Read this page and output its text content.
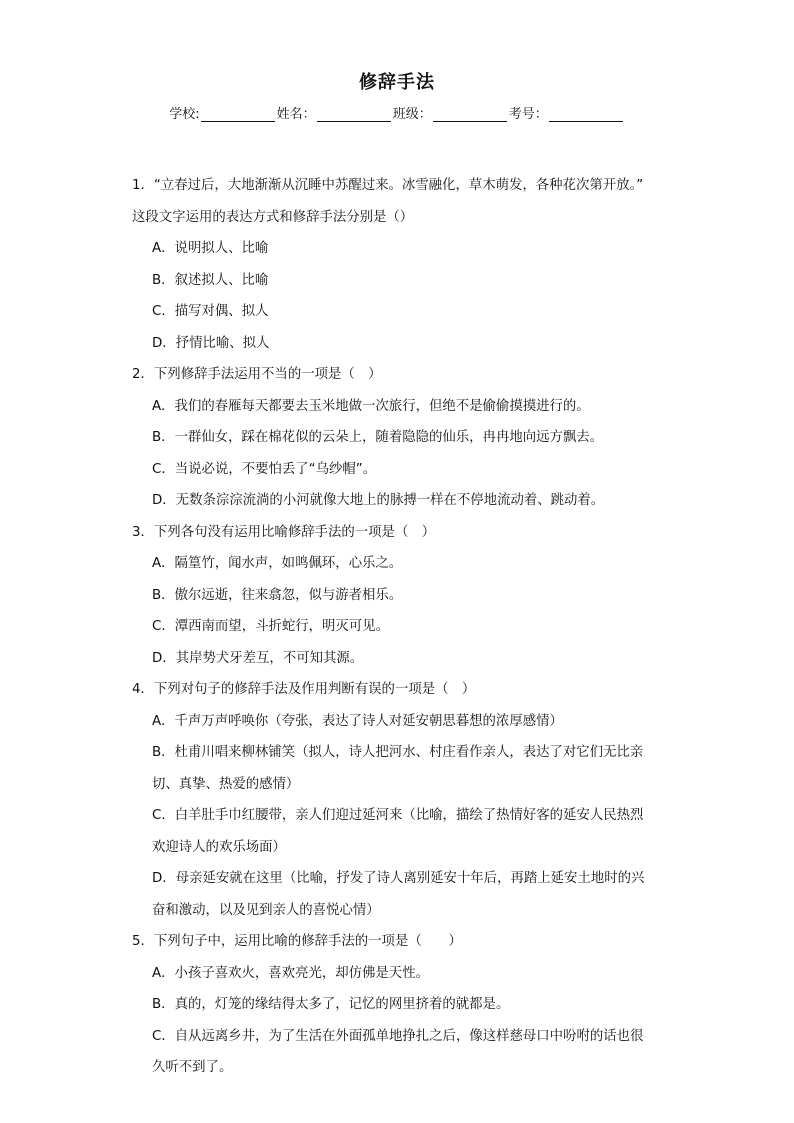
修辞手法
学校:	姓名：	班级：	考号：

1．“立春过后，大地渐渐从沉睡中苏醒过来。冰雪融化，草木萌发，各种花次第开放。”

这段文字运用的表达方式和修辞手法分别是（）

A．说明拟人、比喻

B．叙述拟人、比喻

C．描写对偶、拟人

D．抒情比喻、拟人

2．下列修辞手法运用不当的一项是（　）

A．我们的春雁每天都要去玉米地做一次旅行，但绝不是偷偷摸摸进行的。

B．一群仙女，踩在棉花似的云朵上，随着隐隐的仙乐，冉冉地向远方飘去。

C．当说必说，不要怕丢了“乌纱帽”。

D．无数条淙淙流淌的小河就像大地上的脉搏一样在不停地流动着、跳动着。

3．下列各句没有运用比喻修辞手法的一项是（　）

A．隔篁竹，闻水声，如鸣佩环，心乐之。

B．傲尔远逝，往来翕忽，似与游者相乐。

C．潭西南而望，斗折蛇行，明灭可见。

D．其岸势犬牙差互，不可知其源。

4．下列对句子的修辞手法及作用判断有误的一项是（　）

A．千声万声呼唤你（夸张，表达了诗人对延安朝思暮想的浓厚感情）

B．杜甫川唱来柳林铺笑（拟人，诗人把河水、村庄看作亲人，表达了对它们无比亲

切、真挚、热爱的感情）

C．白羊肚手巾红腰带，亲人们迎过延河来（比喻，描绘了热情好客的延安人民热烈

欢迎诗人的欢乐场面）

D．母亲延安就在这里（比喻，抒发了诗人离别延安十年后，再踏上延安土地时的兴

奋和激动，以及见到亲人的喜悦心情）

5．下列句子中，运用比喻的修辞手法的一项是（　　）

A．小孩子喜欢火，喜欢亮光，却仿佛是天性。

B．真的，灯笼的缘结得太多了，记忆的网里挤着的就都是。

C．自从远离乡井，为了生活在外面孤单地挣扎之后，像这样慈母口中吩咐的话也很

久听不到了。
